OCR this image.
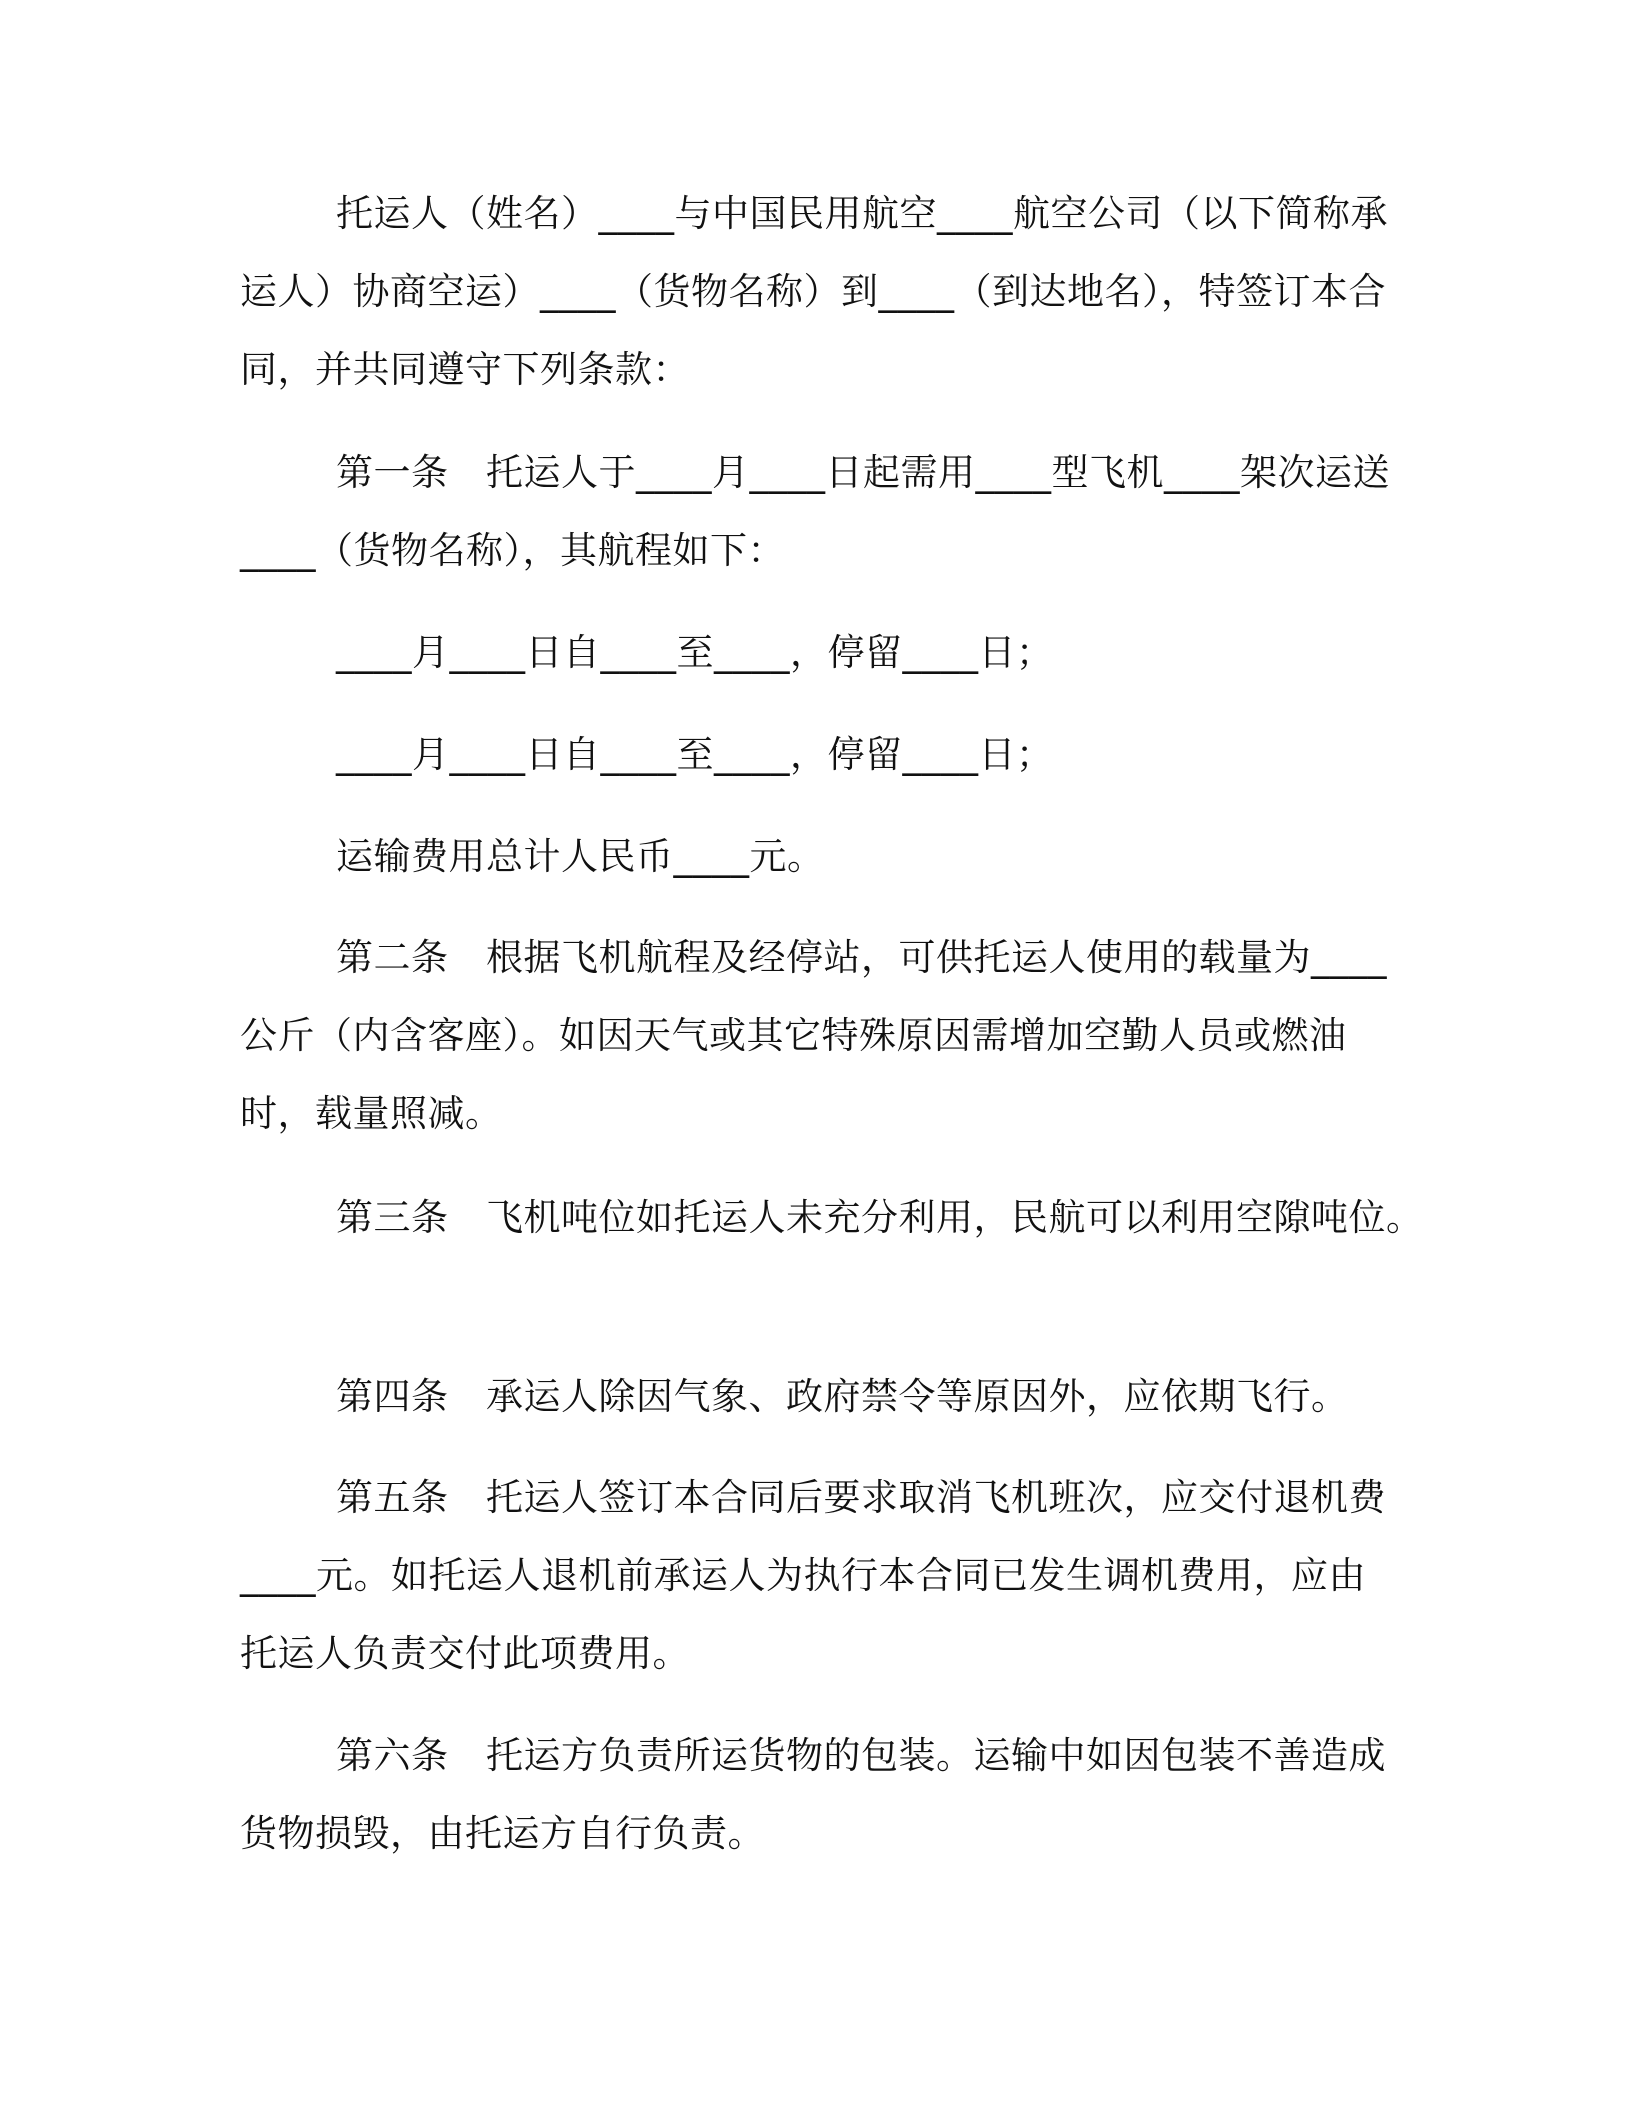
托运人（姓名）____与中国民用航空____航空公司（以下简称承运人）协商空运）____（货物名称）到____（到达地名），特签订本合同，并共同遵守下列条款：

第一条　托运人于____月____日起需用____型飞机____架次运送____（货物名称），其航程如下：

____月____日自____至____，停留____日；

____月____日自____至____，停留____日；

运输费用总计人民币____元。

第二条　根据飞机航程及经停站，可供托运人使用的载量为____公斤（内含客座）。如因天气或其它特殊原因需增加空勤人员或燃油时，载量照减。

第三条　飞机吨位如托运人未充分利用，民航可以利用空隙吨位。

第四条　承运人除因气象、政府禁令等原因外，应依期飞行。

第五条　托运人签订本合同后要求取消飞机班次，应交付退机费____元。如托运人退机前承运人为执行本合同已发生调机费用，应由托运人负责交付此项费用。

第六条　托运方负责所运货物的包装。运输中如因包装不善造成货物损毁，由托运方自行负责。
